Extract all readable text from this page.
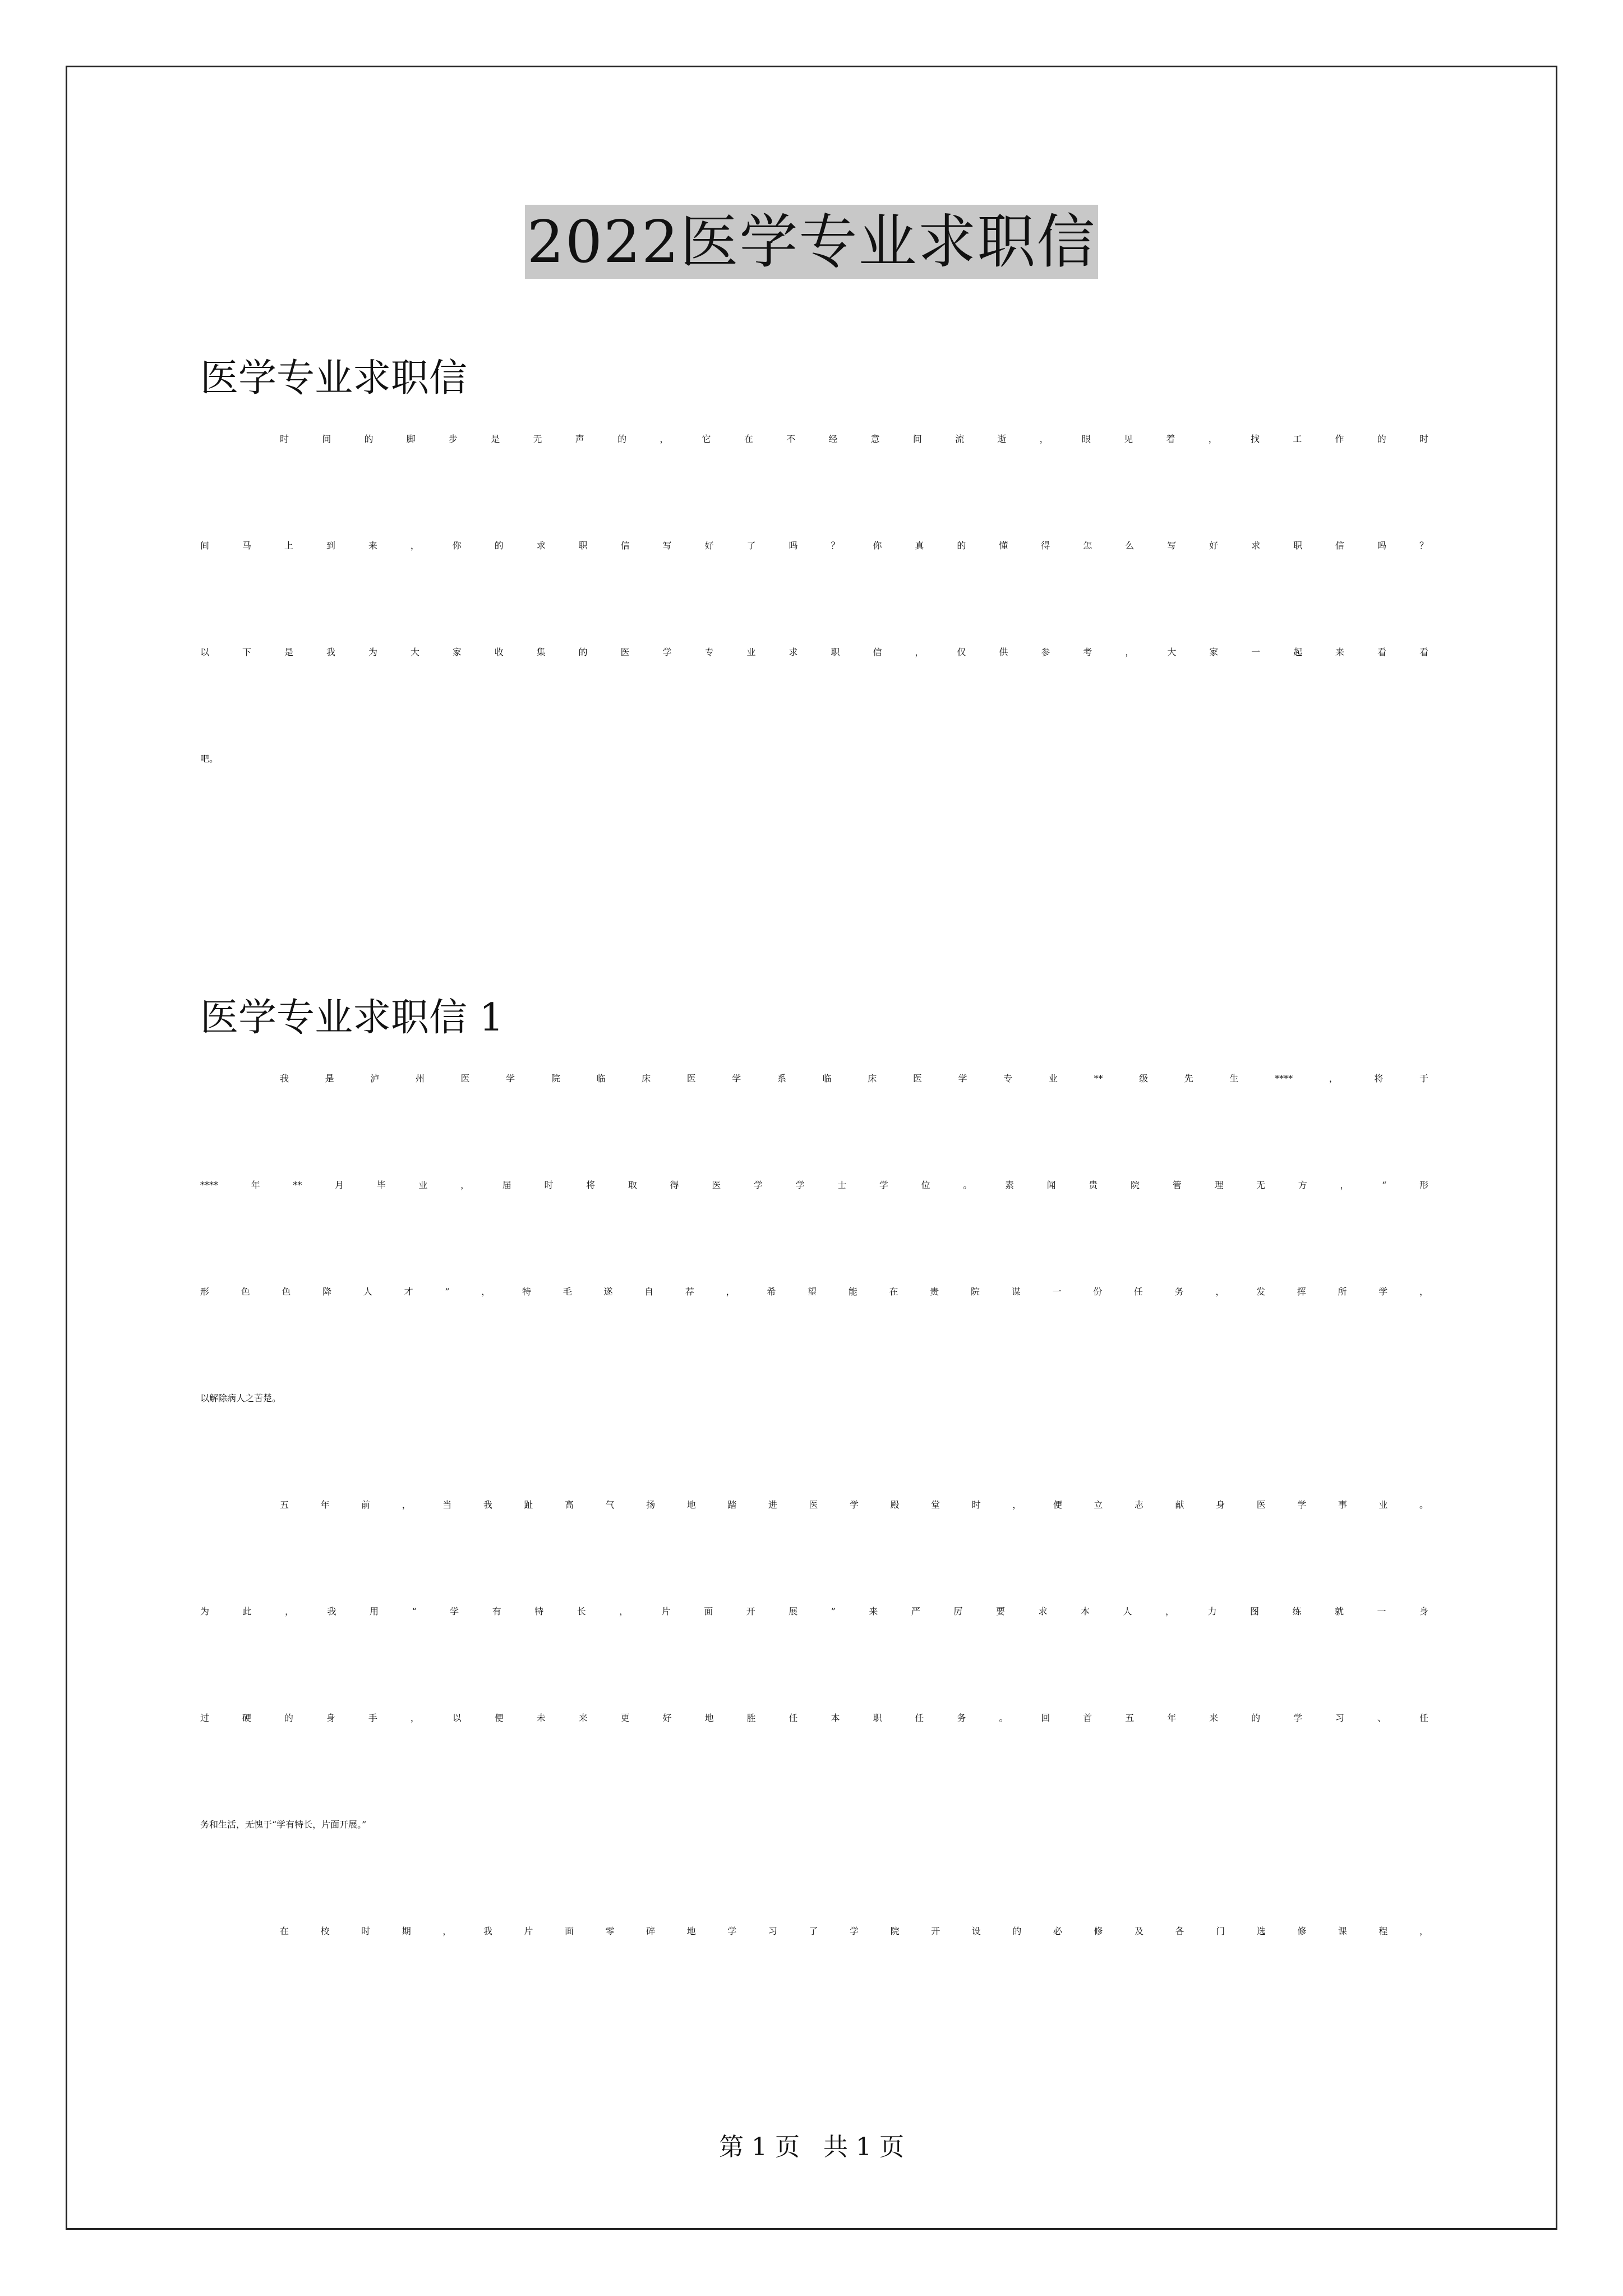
2022医学专业求职信

医学专业求职信

时间的脚步是无声的，它在不经意间流逝，眼见着，找工作的时
间马上到来，你的求职信写好了吗？你真的懂得怎么写好求职信吗？
以下是我为大家收集的医学专业求职信，仅供参考，大家一起来看看
吧。

医学专业求职信 1

我是泸州医学院临床医学系临床医学专业**级先生****，将于
****年**月毕业，届时将取得医学学士学位。素闻贵院管理无方，“形
形色色降人才”，特毛遂自荐，希望能在贵院谋一份任务，发挥所学，
以解除病人之苦楚。
五年前，当我趾高气扬地踏进医学殿堂时，便立志献身医学事业。
为此，我用“学有特长，片面开展”来严厉要求本人，力图练就一身
过硬的身手，以便未来更好地胜任本职任务。回首五年来的学习、任
务和生活，无愧于“学有特长，片面开展。”
在校时期，我片面零碎地学习了学院开设的必修及各门选修课程，
第 1 页   共 1 页
